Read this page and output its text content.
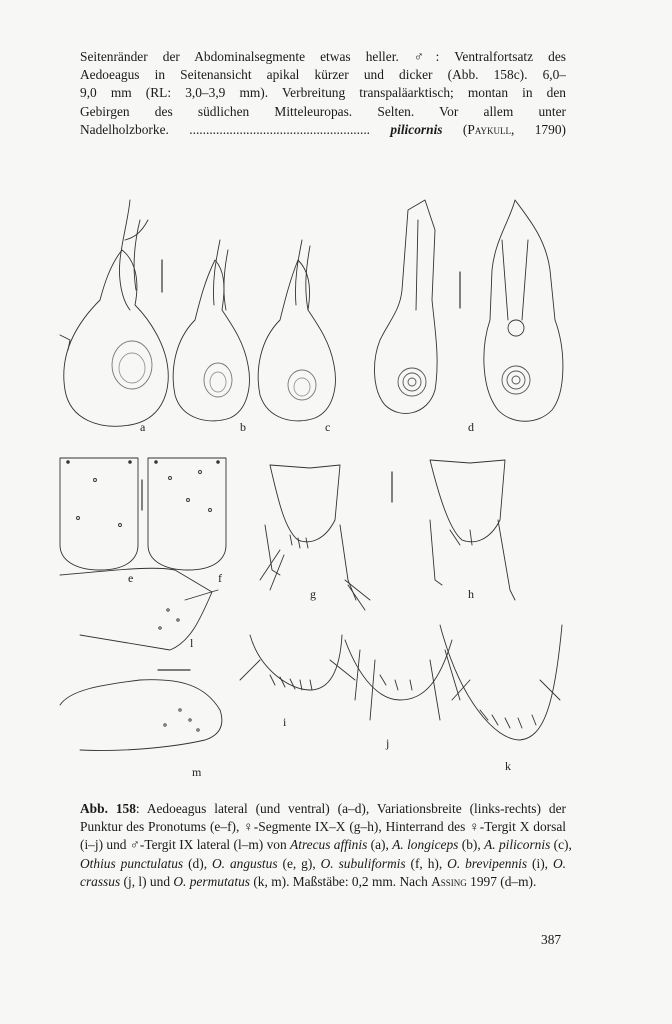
Seitenränder der Abdominalsegmente etwas heller. ♂: Ventralfortsatz des
Aedoeagus in Seitenansicht apikal kürzer und dicker (Abb. 158c). 6,0–
9,0 mm (RL: 3,0–3,9 mm). Verbreitung transpaläarktisch; montan in den
Gebirgen des südlichen Mitteleuropas. Selten. Vor allem unter
Nadelholzborke. ...................................................... pilicornis (Paykull, 1790)
a	b	c	d
e	f
g	h
i
j
k
l
m
Abb. 158: Aedoeagus lateral (und ventral) (a–d), Variationsbreite (links-rechts) der
Punktur des Pronotums (e–f), ♀-Segmente IX–X (g–h), Hinterrand des ♀-Tergit X dorsal
(i–j) und ♂-Tergit IX lateral (l–m) von Atrecus affinis (a), A. longiceps (b), A. pilicornis (c),
Othius punctulatus (d), O. angustus (e, g), O. subuliformis (f, h), O. brevipennis (i), O.
crassus (j, l) und O. permutatus (k, m). Maßstäbe: 0,2 mm. Nach Assing 1997 (d–m).
387
